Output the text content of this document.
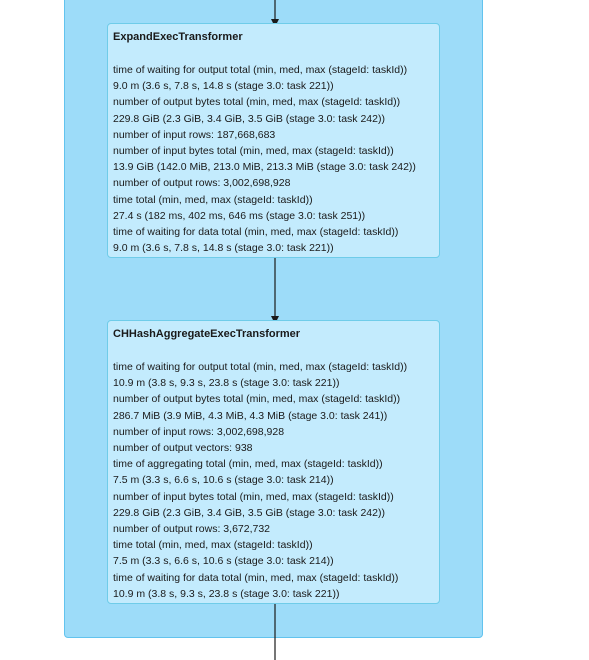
ExpandExecTransformer
time of waiting for output total (min, med, max (stageId: taskId))
9.0 m (3.6 s, 7.8 s, 14.8 s (stage 3.0: task 221))
number of output bytes total (min, med, max (stageId: taskId))
229.8 GiB (2.3 GiB, 3.4 GiB, 3.5 GiB (stage 3.0: task 242))
number of input rows: 187,668,683
number of input bytes total (min, med, max (stageId: taskId))
13.9 GiB (142.0 MiB, 213.0 MiB, 213.3 MiB (stage 3.0: task 242))
number of output rows: 3,002,698,928
time total (min, med, max (stageId: taskId))
27.4 s (182 ms, 402 ms, 646 ms (stage 3.0: task 251))
time of waiting for data total (min, med, max (stageId: taskId))
9.0 m (3.6 s, 7.8 s, 14.8 s (stage 3.0: task 221))
CHHashAggregateExecTransformer
time of waiting for output total (min, med, max (stageId: taskId))
10.9 m (3.8 s, 9.3 s, 23.8 s (stage 3.0: task 221))
number of output bytes total (min, med, max (stageId: taskId))
286.7 MiB (3.9 MiB, 4.3 MiB, 4.3 MiB (stage 3.0: task 241))
number of input rows: 3,002,698,928
number of output vectors: 938
time of aggregating total (min, med, max (stageId: taskId))
7.5 m (3.3 s, 6.6 s, 10.6 s (stage 3.0: task 214))
number of input bytes total (min, med, max (stageId: taskId))
229.8 GiB (2.3 GiB, 3.4 GiB, 3.5 GiB (stage 3.0: task 242))
number of output rows: 3,672,732
time total (min, med, max (stageId: taskId))
7.5 m (3.3 s, 6.6 s, 10.6 s (stage 3.0: task 214))
time of waiting for data total (min, med, max (stageId: taskId))
10.9 m (3.8 s, 9.3 s, 23.8 s (stage 3.0: task 221))
